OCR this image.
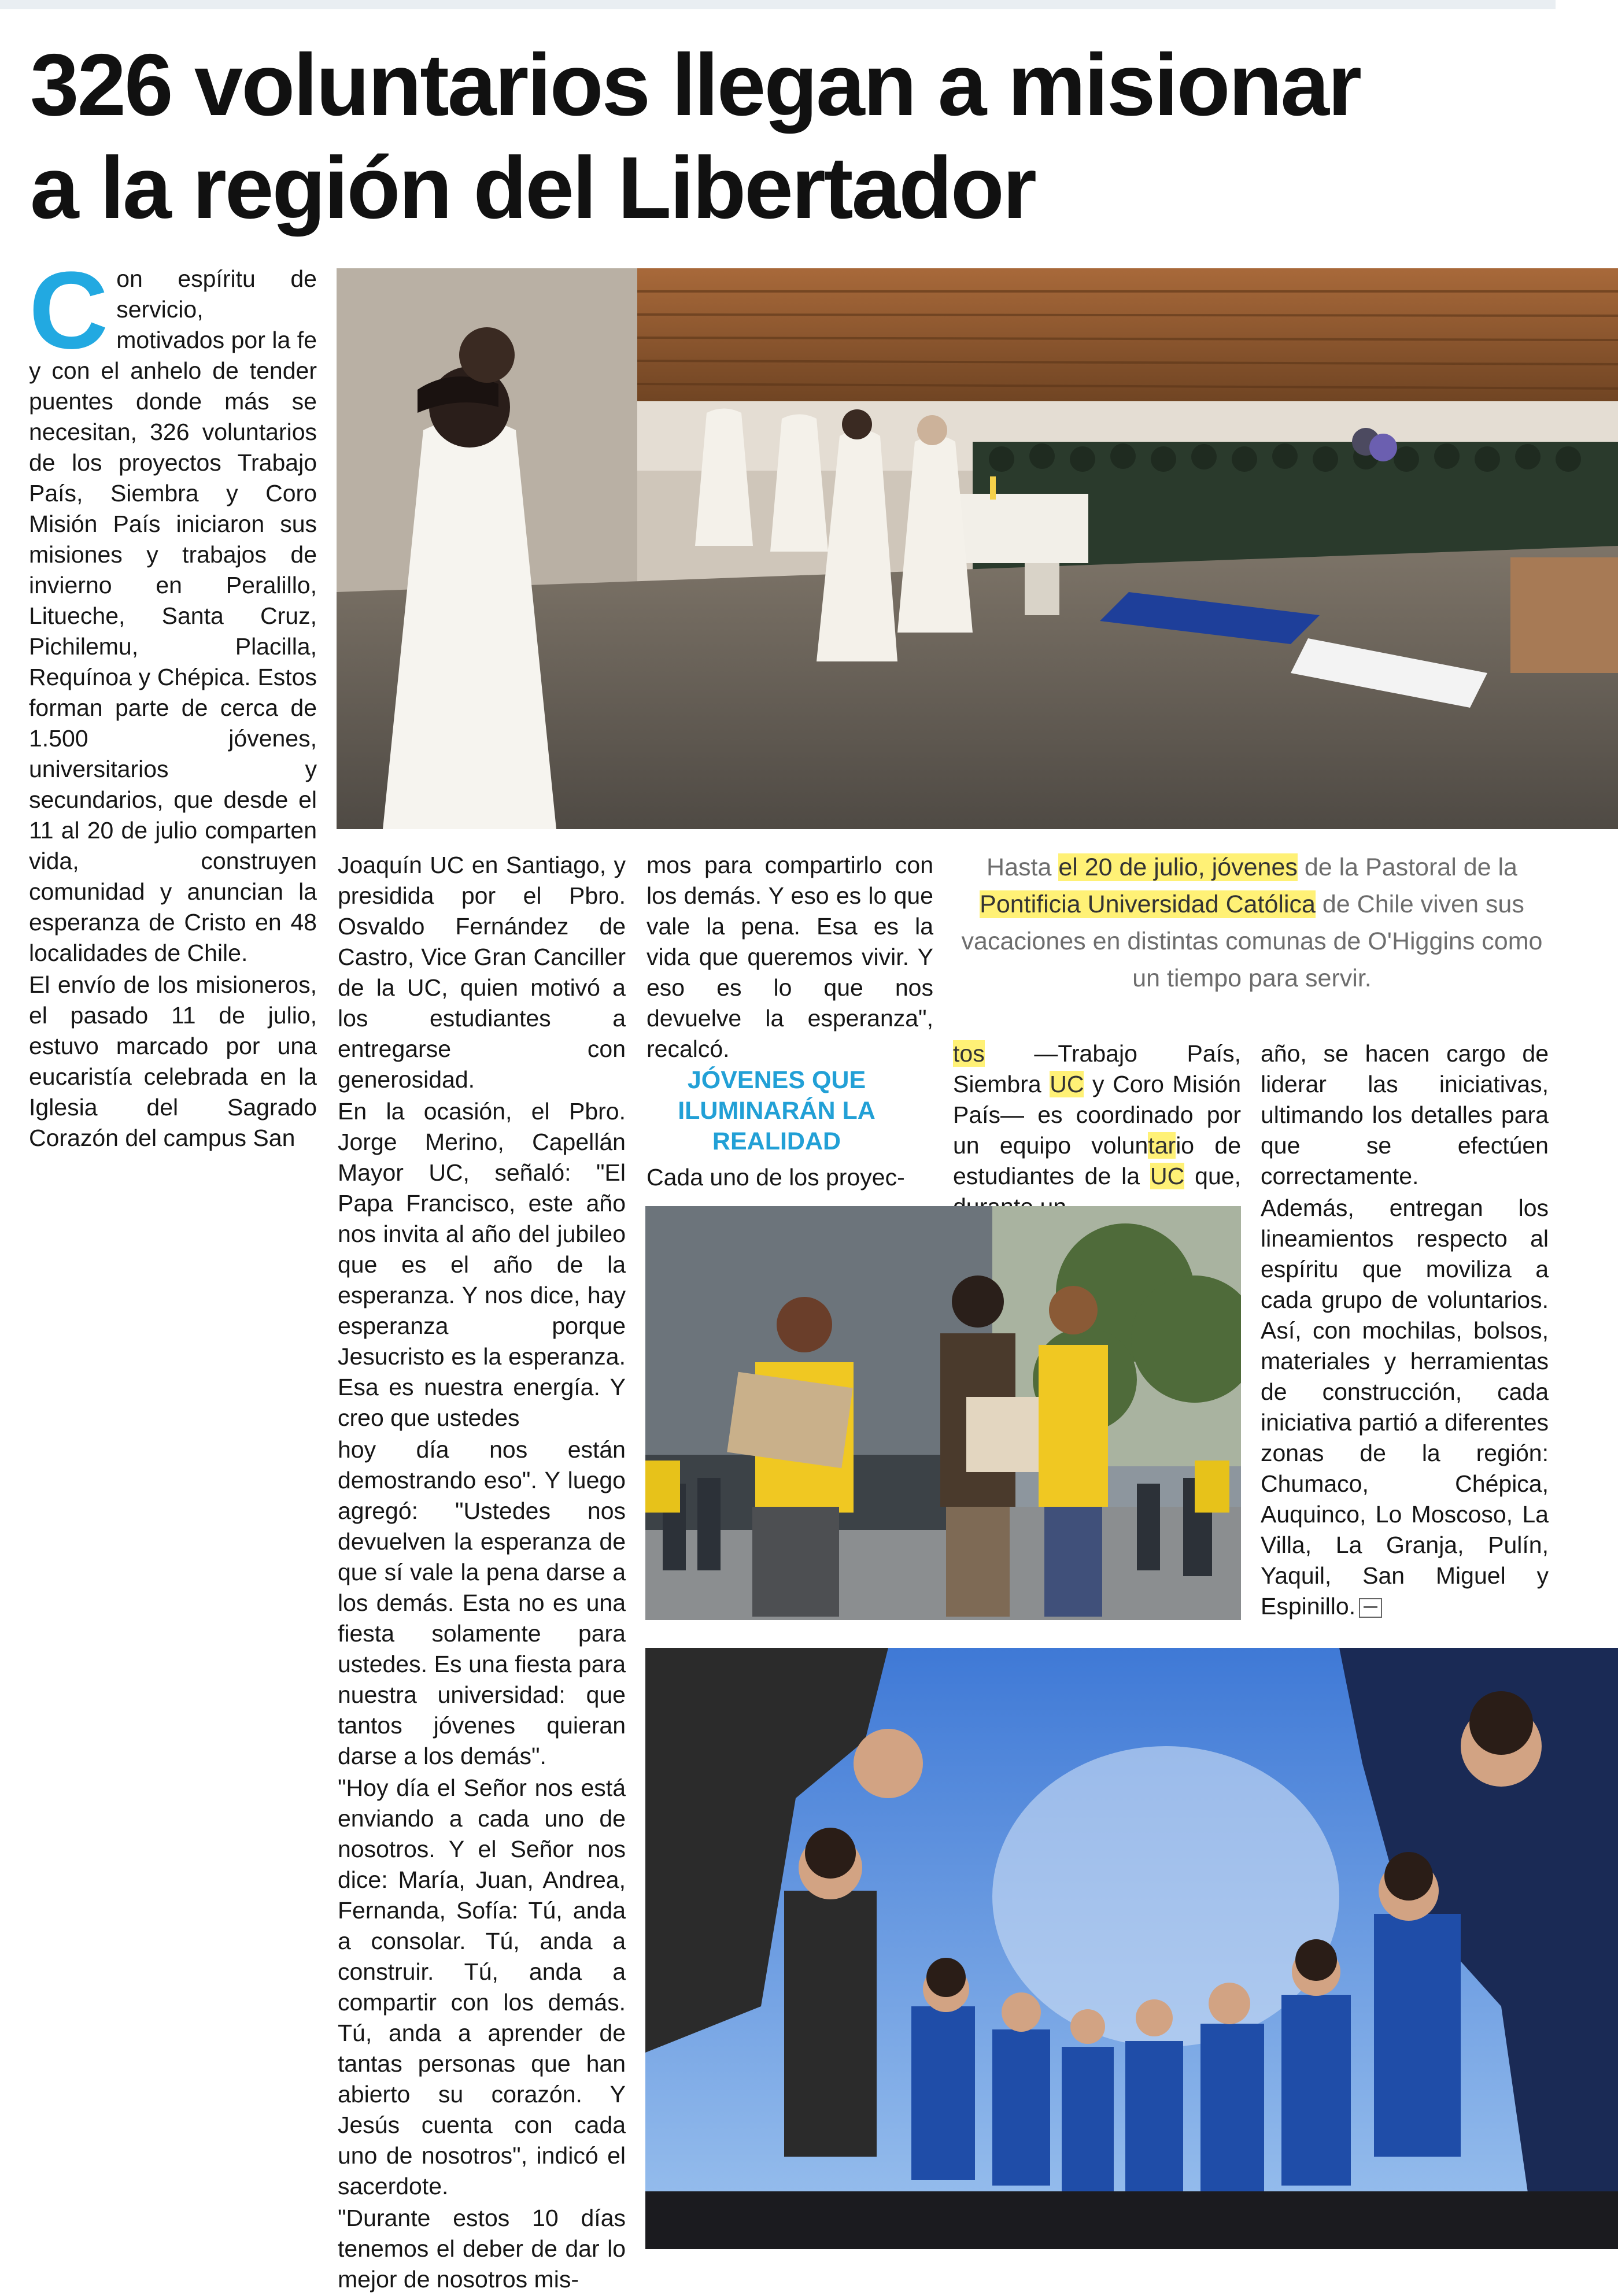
326 voluntarios llegan a misionar
a la región del Libertador

Con espíritu de servicio, motivados por la fe y con el anhelo de tender puentes donde más se necesitan, 326 voluntarios de los proyectos Trabajo País, Siembra y Coro Misión País iniciaron sus misiones y trabajos de invierno en Peralillo, Litueche, Santa Cruz, Pichilemu, Placilla, Requínoa y Chépica. Estos forman parte de cerca de 1.500 jóvenes, universitarios y secundarios, que desde el 11 al 20 de julio comparten vida, construyen comunidad y anuncian la esperanza de Cristo en 48 localidades de Chile.

El envío de los misioneros, el pasado 11 de julio, estuvo marcado por una eucaristía celebrada en la Iglesia del Sagrado Corazón del campus San

Hasta el 20 de julio, jóvenes de la Pastoral de la Pontificia Universidad Católica de Chile viven sus vacaciones en distintas comunas de O'Higgins como un tiempo para servir.

Joaquín UC en Santiago, y presidida por el Pbro. Osvaldo Fernández de Castro, Vice Gran Canciller de la UC, quien motivó a los estudiantes a entregarse con generosidad.

En la ocasión, el Pbro. Jorge Merino, Capellán Mayor UC, señaló: "El Papa Francisco, este año nos invita al año del jubileo que es el año de la esperanza. Y nos dice, hay esperanza porque Jesucristo es la esperanza. Esa es nuestra energía. Y creo que ustedes

hoy día nos están demostrando eso". Y luego agregó: "Ustedes nos devuelven la esperanza de que sí vale la pena darse a los demás. Esta no es una fiesta solamente para ustedes. Es una fiesta para nuestra universidad: que tantos jóvenes quieran darse a los demás".

"Hoy día el Señor nos está enviando a cada uno de nosotros. Y el Señor nos dice: María, Juan, Andrea, Fernanda, Sofía: Tú, anda a consolar. Tú, anda a construir. Tú, anda a compartir con los demás. Tú, anda a aprender de tantas personas que han abierto su corazón. Y Jesús cuenta con cada uno de nosotros", indicó el sacerdote.

"Durante estos 10 días tenemos el deber de dar lo mejor de nosotros mis-

mos para compartirlo con los demás. Y eso es lo que vale la pena. Esa es la vida que queremos vivir. Y eso es lo que nos devuelve la esperanza", recalcó.

JÓVENES QUE ILUMINARÁN LA REALIDAD

Cada uno de los proyec-

tos —Trabajo País, Siembra UC y Coro Misión País— es coordinado por un equipo voluntario de estudiantes de la UC que,

año, se hacen cargo de liderar las iniciativas, ultimando los detalles para que se efectúen correctamente.

Además, entregan los lineamientos respecto al espíritu que moviliza a cada grupo de voluntarios. Así, con mochilas, bolsos, materiales y herramientas de construcción, cada iniciativa partió a diferentes zonas de la región: Chumaco, Chépica, Auquinco, Lo Moscoso, La Villa, La Granja, Pulín, Yaquil, San Miguel y Espinillo.
